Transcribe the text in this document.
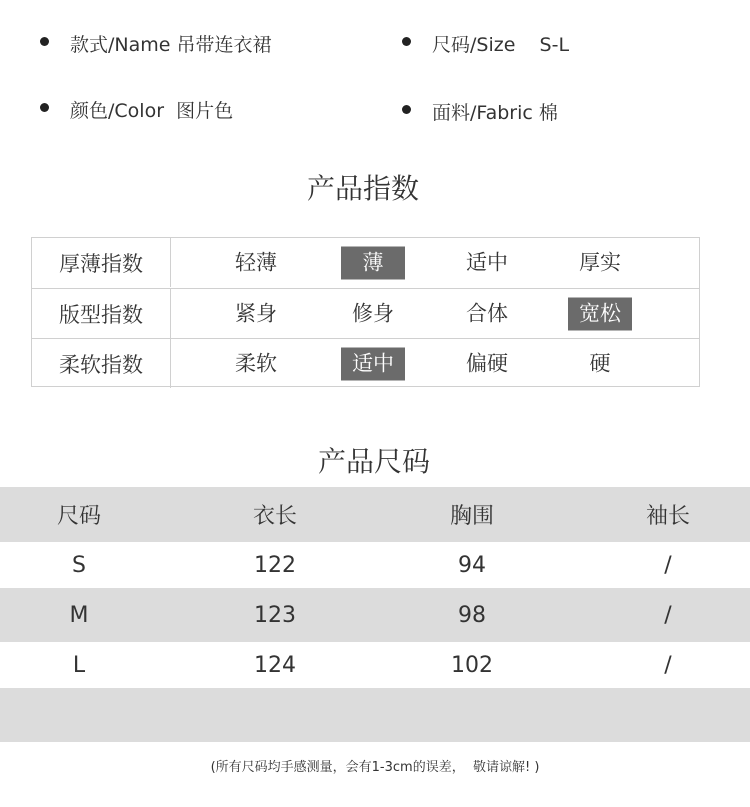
款式/Name 吊带连衣裙	尺码/Size    S-L
颜色/Color  图片色	面料/Fabric 棉
产品指数
厚薄指数	轻薄	薄	适中	厚实
版型指数	紧身	修身	合体	宽松
柔软指数	柔软	适中	偏硬	硬
产品尺码
尺码	衣长	胸围	袖长
S	122	94	/
M	123	98	/
L	124	102	/
(所有尺码均手感测量，会有1-3cm的误差，  敬请谅解! )
